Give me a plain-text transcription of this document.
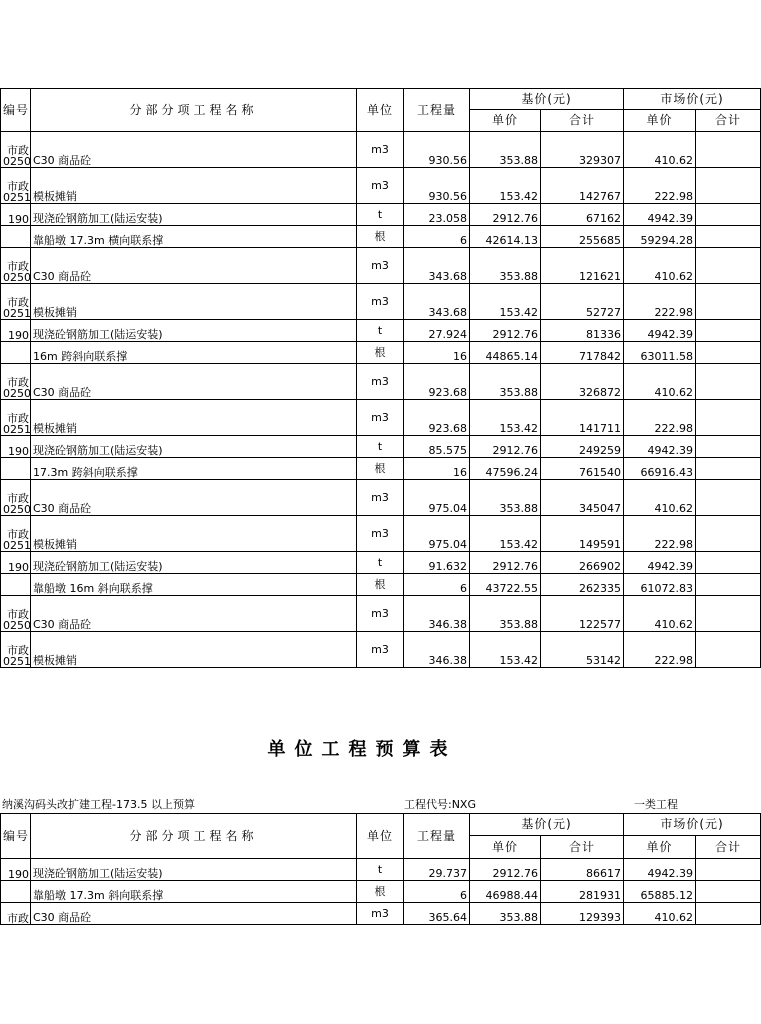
编号	分部分项工程名称	单位	工程量	基价(元)		市场价(元)	
				单价	合计	单价	合计

市政
0250	C30 商品砼	m3	930.56	353.88	329307	410.62	

市政
0251	模板摊销	m3	930.56	153.42	142767	222.98	

190	现浇砼钢筋加工(陆运安装)	t	23.058	2912.76	67162	4942.39	

	靠船墩 17.3m 横向联系撑	根	6	42614.13	255685	59294.28	

市政
0250	C30 商品砼	m3	343.68	353.88	121621	410.62	

市政
0251	模板摊销	m3	343.68	153.42	52727	222.98	

190	现浇砼钢筋加工(陆运安装)	t	27.924	2912.76	81336	4942.39	

	16m 跨斜向联系撑	根	16	44865.14	717842	63011.58	

市政
0250	C30 商品砼	m3	923.68	353.88	326872	410.62	

市政
0251	模板摊销	m3	923.68	153.42	141711	222.98	

190	现浇砼钢筋加工(陆运安装)	t	85.575	2912.76	249259	4942.39	

	17.3m 跨斜向联系撑	根	16	47596.24	761540	66916.43	

市政
0250	C30 商品砼	m3	975.04	353.88	345047	410.62	

市政
0251	模板摊销	m3	975.04	153.42	149591	222.98	

190	现浇砼钢筋加工(陆运安装)	t	91.632	2912.76	266902	4942.39	

	靠船墩 16m 斜向联系撑	根	6	43722.55	262335	61072.83	

市政
0250	C30 商品砼	m3	346.38	353.88	122577	410.62	

市政
0251	模板摊销	m3	346.38	153.42	53142	222.98	
单位工程预算表
纳溪沟码头改扩建工程-173.5 以上预算	工程代号:NXG	一类工程
编号	分部分项工程名称	单位	工程量	基价(元)		市场价(元)	
				单价	合计	单价	合计

190	现浇砼钢筋加工(陆运安装)	t	29.737	2912.76	86617	4942.39	

	靠船墩 17.3m 斜向联系撑	根	6	46988.44	281931	65885.12	

市政	C30 商品砼	m3	365.64	353.88	129393	410.62	
